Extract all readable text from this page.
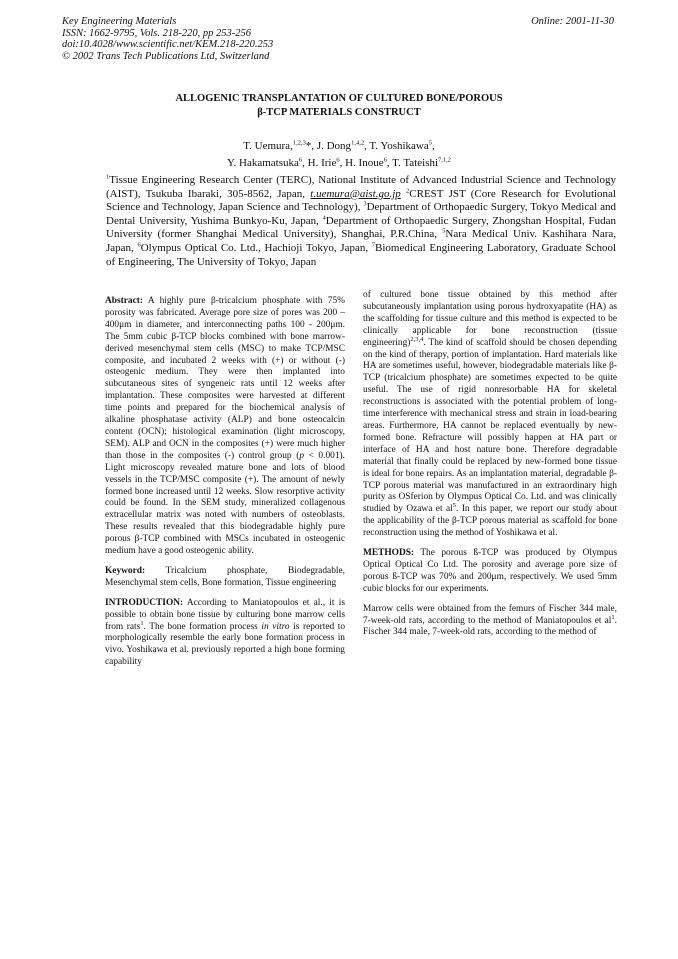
Key Engineering Materials
ISSN: 1662-9795, Vols. 218-220, pp 253-256
doi:10.4028/www.scientific.net/KEM.218-220.253
© 2002 Trans Tech Publications Ltd, Switzerland
Online: 2001-11-30
ALLOGENIC TRANSPLANTATION OF CULTURED BONE/POROUS
β-TCP MATERIALS CONSTRUCT
T. Uemura,$^{1,2,3}$*, J. Dong$^{1,4,2}$, T. Yoshikawa$^5$,
Y. Hakamatsuka$^6$, H. Irie$^6$, H. Inoue$^6$, T. Tateishi$^{7,1,2}$
$^1$Tissue Engineering Research Center (TERC), National Institute of Advanced Industrial Science and Technology (AIST), Tsukuba Ibaraki, 305-8562, Japan, t.uemura@aist.go.jp $^2$CREST JST (Core Research for Evolutional Science and Technology, Japan Science and Technology), $^3$Department of Orthopaedic Surgery, Tokyo Medical and Dental University, Yushima Bunkyo-Ku, Japan, $^4$Department of Orthopaedic Surgery, Zhongshan Hospital, Fudan University (former Shanghai Medical University), Shanghai, P.R.China, $^5$Nara Medical Univ. Kashihara Nara, Japan, $^6$Olympus Optical Co. Ltd., Hachioji Tokyo, Japan, $^7$Biomedical Engineering Laboratory, Graduate School of Engineering, The University of Tokyo, Japan

Abstract: A highly pure β-tricalcium phosphate with 75% porosity was fabricated. Average pore size of pores was 200 – 400μm in diameter, and interconnecting paths 100 - 200μm. The 5mm cubic β-TCP blocks combined with bone marrow-derived mesenchymal stem cells (MSC) to make TCP/MSC composite, and incubated 2 weeks with (+) or without (-) osteogenic medium. They were then implanted into subcutaneous sites of syngeneic rats until 12 weeks after implantation. These composites were harvested at different time points and prepared for the biochemical analysis of alkaline phosphatase activity (ALP) and bone osteocalcin content (OCN); histological examination (light microscopy, SEM). ALP and OCN in the composites (+) were much higher than those in the composites (-) control group (p < 0.001). Light microscopy revealed mature bone and lots of blood vessels in the TCP/MSC composite (+). The amount of newly formed bone increased until 12 weeks. Slow resorptive activity could be found. In the SEM study, mineralized collagenous extracellular matrix was noted with numbers of osteoblasts. These results revealed that this biodegradable highly pure porous β-TCP combined with MSCs incubated in osteogenic medium have a good osteogenic ability.

Keyword: Tricalcium phosphate, Biodegradable, Mesenchymal stem cells, Bone formation, Tissue engineering

INTRODUCTION: According to Maniatopoulos et al., it is possible to obtain bone tissue by culturing bone marrow cells from rats$^1$. The bone formation process in vitro is reported to morphologically resemble the early bone formation process in vivo. Yoshikawa et al. previously reported a high bone forming capability

of cultured bone tissue obtained by this method after subcutaneously implantation using porous hydroxyapatite (HA) as the scaffolding for tissue culture and this method is expected to be clinically applicable for bone reconstruction (tissue engineering)$^{2,3,4}$. The kind of scaffold should be chosen depending on the kind of therapy, portion of implantation. Hard materials like HA are sometimes useful, however, biodegradable materials like β-TCP (tricalcium phosphate) are sometimes expected to be quite useful. The use of rigid nonresorbable HA for skeletal reconstructions is associated with the potential problem of long-time interference with mechanical stress and strain in load-bearing areas. Furthermore, HA cannot be replaced eventually by new-formed bone. Refracture will possibly happen at HA part or interface of HA and host nature bone. Therefore degradable material that finally could be replaced by new-formed bone tissue is ideal for bone repairs. As an implantation material, degradable β-TCP porous material was manufactured in an extraordinary high purity as OSferion by Olympus Optical Co. Ltd. and was clinically studied by Ozawa et $al^5$. In this paper, we report our study about the applicability of the β-TCP porous material as scaffold for bone reconstruction using the method of Yoshikawa et al.

METHODS: The porous ß-TCP was produced by Olympus Optical Optical Co Ltd. The porosity and average pore size of porous ß-TCP was 70% and 200μm, respectively. We used 5mm cubic blocks for our experiments.

Marrow cells were obtained from the femurs of Fischer 344 male, 7-week-old rats, according to the method of Maniatopoulos et $al^1$. Fischer 344 male, 7-week-old rats, according to the method of
